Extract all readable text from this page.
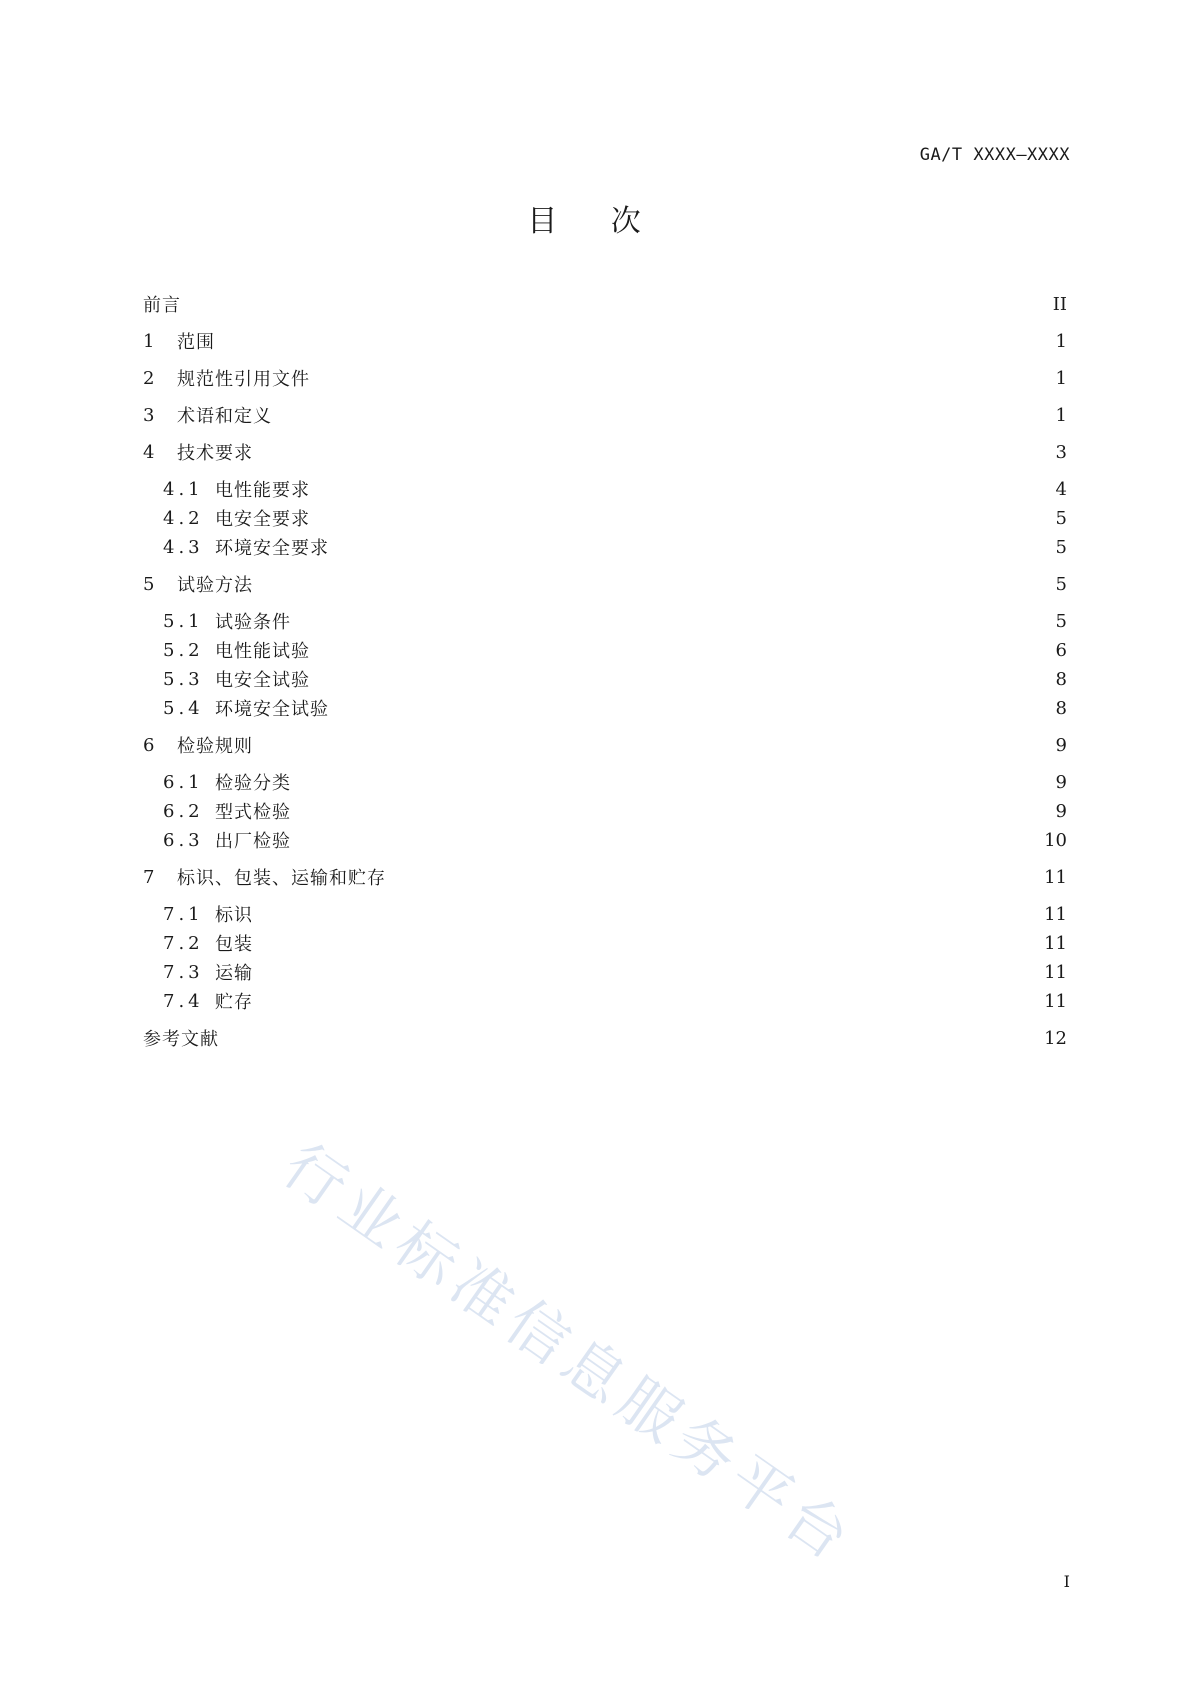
GA/T XXXX—XXXX
目 次
前言	II
1	范围	1
2	规范性引用文件	1
3	术语和定义	1
4	技术要求	3
4.1 电性能要求	4
4.2 电安全要求	5
4.3 环境安全要求	5
5	试验方法	5
5.1 试验条件	5
5.2 电性能试验	6
5.3 电安全试验	8
5.4 环境安全试验	8
6	检验规则	9
6.1 检验分类	9
6.2 型式检验	9
6.3 出厂检验	10
7	标识、包装、运输和贮存	11
7.1 标识	11
7.2 包装	11
7.3 运输	11
7.4 贮存	11
参考文献	12
行业标准信息服务平台
I
